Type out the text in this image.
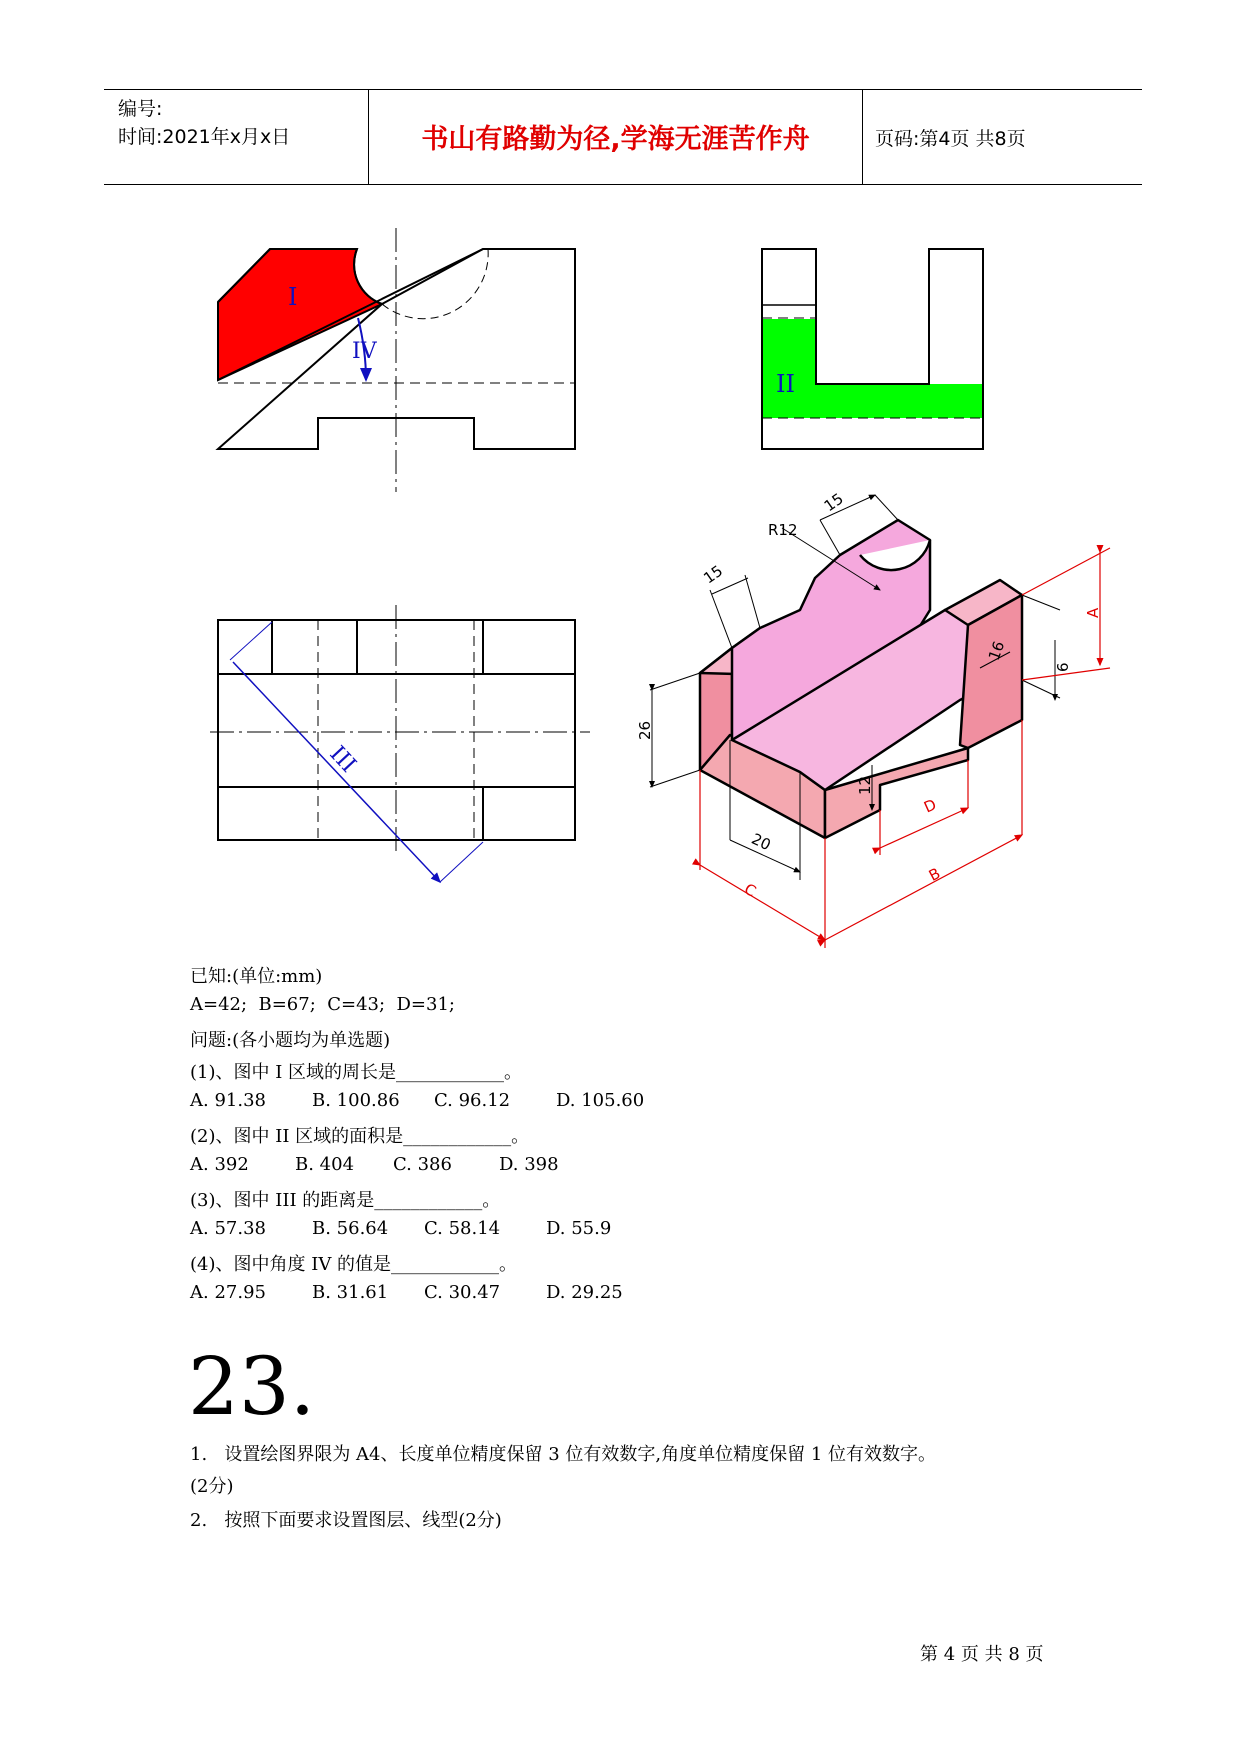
编号:
时间:2021年x月x日	书山有路勤为径,学海无涯苦作舟	页码:第4页 共8页
I
IV
II
III
R12
15
15
16
6
26
12
20
A
D
B
C
已知:(单位:mm)
A=42;  B=67;  C=43;  D=31;
问题:(各小题均为单选题)
(1)、图中 I 区域的周长是____________。
A. 91.38	B. 100.86 C. 96.12	D. 105.60
(2)、图中 II 区域的面积是____________。
A. 392	B. 404 C. 386	D. 398
(3)、图中 III 的距离是____________。
A. 57.38	B. 56.64 C. 58.14	D. 55.9
(4)、图中角度 IV 的值是____________。
A. 27.95	B. 31.61 C. 30.47	D. 29.25
23.
1.   设置绘图界限为 A4、长度单位精度保留 3 位有效数字,角度单位精度保留 1 位有效数字。
(2分)
2.   按照下面要求设置图层、线型(2分)
第 4 页 共 8 页
